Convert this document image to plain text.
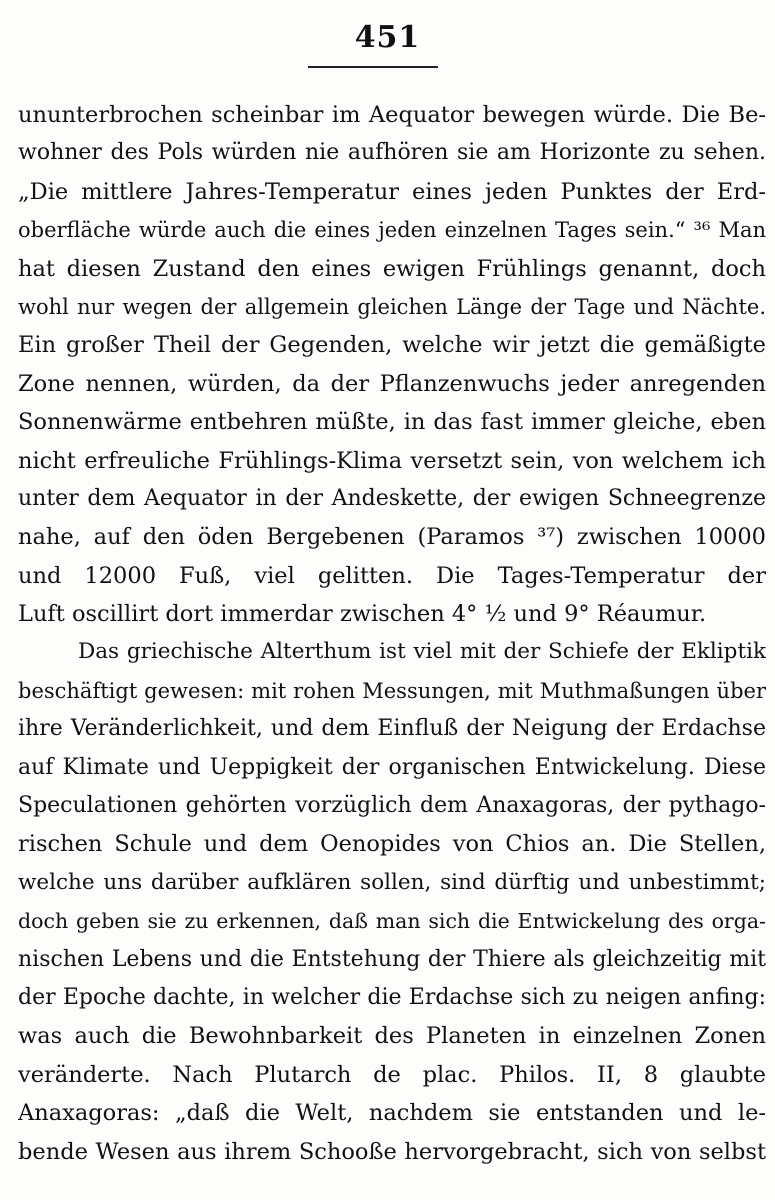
451
ununterbrochen scheinbar im Aequator bewegen würde. Die Be-
wohner des Pols würden nie aufhören sie am Horizonte zu sehen.
„Die mittlere Jahres-Temperatur eines jeden Punktes der Erd-
oberfläche würde auch die eines jeden einzelnen Tages sein.“ ³⁶ Man
hat diesen Zustand den eines ewigen Frühlings genannt, doch
wohl nur wegen der allgemein gleichen Länge der Tage und Nächte.
Ein großer Theil der Gegenden, welche wir jetzt die gemäßigte
Zone nennen, würden, da der Pflanzenwuchs jeder anregenden
Sonnenwärme entbehren müßte, in das fast immer gleiche, eben
nicht erfreuliche Frühlings-Klima versetzt sein, von welchem ich
unter dem Aequator in der Andeskette, der ewigen Schneegrenze
nahe, auf den öden Bergebenen (Paramos ³⁷) zwischen 10000
und 12000 Fuß, viel gelitten. Die Tages-Temperatur der
Luft oscillirt dort immerdar zwischen 4° ½ und 9° Réaumur.
Das griechische Alterthum ist viel mit der Schiefe der Ekliptik
beschäftigt gewesen: mit rohen Messungen, mit Muthmaßungen über
ihre Veränderlichkeit, und dem Einfluß der Neigung der Erdachse
auf Klimate und Ueppigkeit der organischen Entwickelung. Diese
Speculationen gehörten vorzüglich dem Anaxagoras, der pythago-
rischen Schule und dem Oenopides von Chios an. Die Stellen,
welche uns darüber aufklären sollen, sind dürftig und unbestimmt;
doch geben sie zu erkennen, daß man sich die Entwickelung des orga-
nischen Lebens und die Entstehung der Thiere als gleichzeitig mit
der Epoche dachte, in welcher die Erdachse sich zu neigen anfing:
was auch die Bewohnbarkeit des Planeten in einzelnen Zonen
veränderte. Nach Plutarch de plac. Philos. II, 8 glaubte
Anaxagoras: „daß die Welt, nachdem sie entstanden und le-
bende Wesen aus ihrem Schooße hervorgebracht, sich von selbst
